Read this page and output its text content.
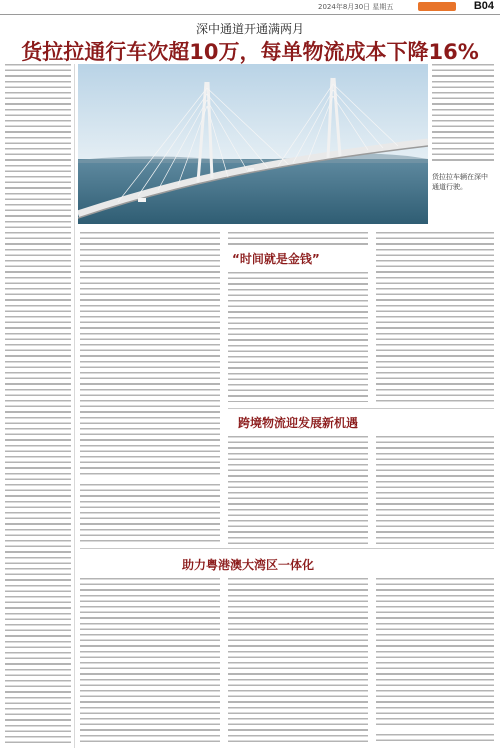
2024年8月30日 星期五	B04
深中通道开通满两月
货拉拉通行车次超10万，每单物流成本下降16%
货拉拉车辆在深中通道行驶。
“时间就是金钱”
跨境物流迎发展新机遇
助力粤港澳大湾区一体化
